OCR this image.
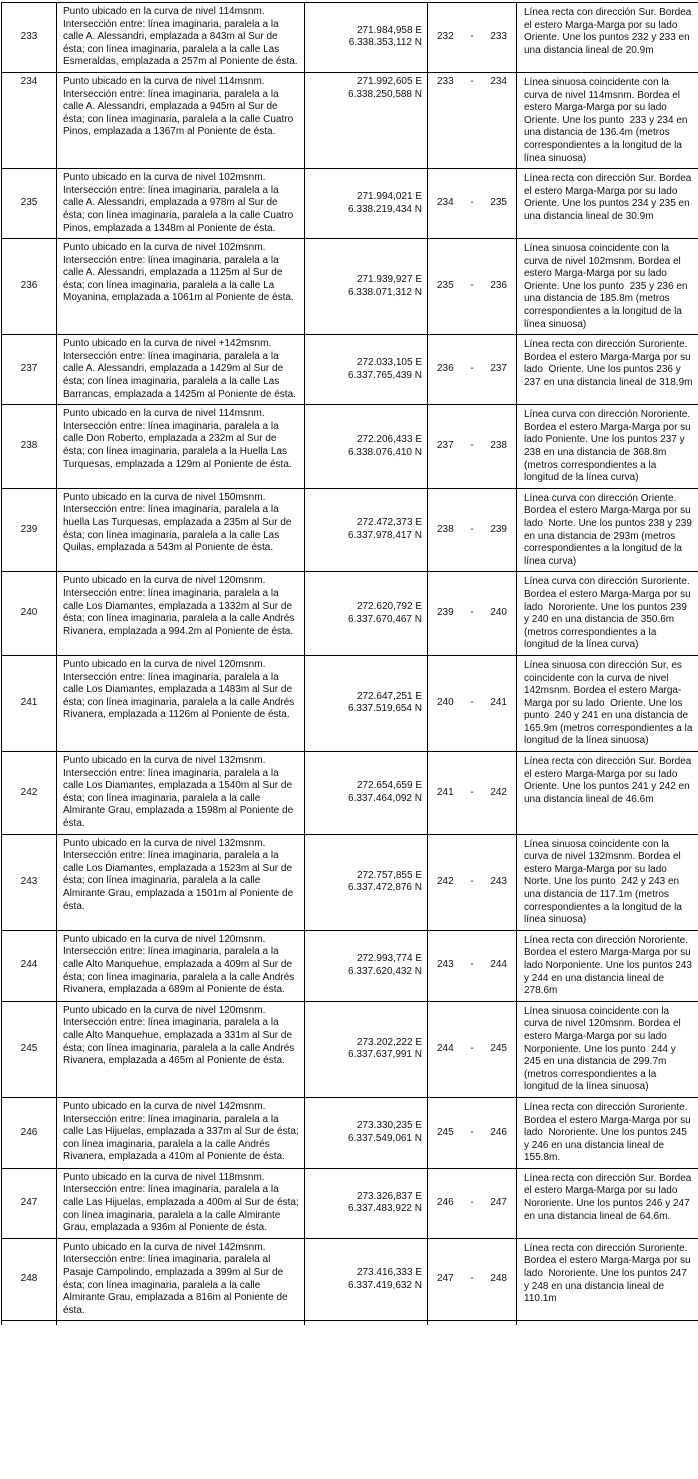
233
Punto ubicado en la curva de nivel 114msnm. Intersección entre: línea imaginaria, paralela a la calle A. Alessandri, emplazada a 843m al Sur de ésta; con línea imaginaria, paralela a la calle Las Esmeraldas, emplazada a 257m al Poniente de ésta.
271.984,958 E
6.338.353,112 N
232 - 233
Línea recta con dirección Sur. Bordea el estero Marga-Marga por su lado Oriente. Une los puntos 232 y 233 en una distancia lineal de 20.9m
234	Punto ubicado en la curva de nivel 114msnm. Intersección entre: línea imaginaria, paralela a la calle A. Alessandri, emplazada a 945m al Sur de ésta; con línea imaginaria, paralela a la calle Cuatro Pinos, emplazada a 1367m al Poniente de ésta.
271.992,605 E
6.338.250,588 N
233 - 234	Línea sinuosa coincidente con la curva de nivel 114msnm. Bordea el estero Marga-Marga por su lado Oriente. Une los punto  233 y 234 en una distancia de 136.4m (metros correspondientes a la longitud de la línea sinuosa)
235
Punto ubicado en la curva de nivel 102msnm. Intersección entre: línea imaginaria, paralela a la calle A. Alessandri, emplazada a 978m al Sur de ésta; con línea imaginaria, paralela a la calle Cuatro Pinos, emplazada a 1348m al Poniente de ésta.
271.994,021 E
6.338.219,434 N
234 - 235
Línea recta con dirección Sur. Bordea el estero Marga-Marga por su lado  Oriente. Une los puntos 234 y 235 en una distancia lineal de 30.9m
236
Punto ubicado en la curva de nivel 102msnm. Intersección entre: línea imaginaria, paralela a la calle A. Alessandri, emplazada a 1125m al Sur de ésta; con línea imaginaria, paralela a la calle La Moyanina, emplazada a 1061m al Poniente de ésta.
271.939,927 E
6.338.071,312 N
235 - 236
Línea sinuosa coincidente con la curva de nivel 102msnm. Bordea el estero Marga-Marga por su lado Oriente. Une los punto  235 y 236 en una distancia de 185.8m (metros correspondientes a la longitud de la línea sinuosa)
237
Punto ubicado en la curva de nivel +142msnm. Intersección entre: línea imaginaria, paralela a la calle A. Alessandri, emplazada a 1429m al Sur de ésta; con línea imaginaria, paralela a la calle Las Barrancas, emplazada a 1425m al Poniente de ésta.
272.033,105 E
6.337.765,439 N
236 - 237
Línea recta con dirección Suroriente. Bordea el estero Marga-Marga por su lado  Oriente. Une los puntos 236 y 237 en una distancia lineal de 318.9m
238
Punto ubicado en la curva de nivel 114msnm. Intersección entre: línea imaginaria, paralela a la calle Don Roberto, emplazada a 232m al Sur de ésta; con línea imaginaria, paralela a la Huella Las Turquesas, emplazada a 129m al Poniente de ésta.
272.206,433 E
6.338.076,410 N
237 - 238
Línea curva con dirección Nororiente. Bordea el estero Marga-Marga por su lado Poniente. Une los puntos 237 y 238 en una distancia de 368.8m (metros correspondientes a la longitud de la línea curva)
239
Punto ubicado en la curva de nivel 150msnm. Intersección entre: línea imaginaria, paralela a la huella Las Turquesas, emplazada a 235m al Sur de ésta; con línea imaginaria, paralela a la calle Las Quilas, emplazada a 543m al Poniente de ésta.
272.472,373 E
6.337.978,417 N
238 - 239
Línea curva con dirección Oriente. Bordea el estero Marga-Marga por su lado  Norte. Une los puntos 238 y 239 en una distancia de 293m (metros correspondientes a la longitud de la línea curva)
240
Punto ubicado en la curva de nivel 120msnm. Intersección entre: línea imaginaria, paralela a la calle Los Diamantes, emplazada a 1332m al Sur de ésta; con línea imaginaria, paralela a la calle Andrés Rivanera, emplazada a 994.2m al Poniente de ésta.
272.620,792 E
6.337.670,467 N
239 - 240
Línea curva con dirección Suroriente. Bordea el estero Marga-Marga por su lado  Nororiente. Une los puntos 239 y 240 en una distancia de 350.6m (metros correspondientes a la longitud de la línea curva)
241
Punto ubicado en la curva de nivel 120msnm. Intersección entre: línea imaginaria, paralela a la calle Los Diamantes, emplazada a 1483m al Sur de ésta; con línea imaginaria, paralela a la calle Andrés Rivanera, emplazada a 1126m al Poniente de ésta.
272.647,251 E
6.337.519,654 N
240 - 241
Línea sinuosa con dirección Sur, es coincidente con la curva de nivel 142msnm. Bordea el estero Marga-Marga por su lado  Oriente. Une los punto  240 y 241 en una distancia de 165.9m (metros correspondientes a la longitud de la línea sinuosa)
242
Punto ubicado en la curva de nivel 132msnm. Intersección entre: línea imaginaria, paralela a la calle Los Diamantes, emplazada a 1540m al Sur de ésta; con línea imaginaria, paralela a la calle Almirante Grau, emplazada a 1598m al Poniente de ésta.
272.654,659 E
6.337.464,092 N
241 - 242
Línea recta con dirección Sur. Bordea el estero Marga-Marga por su lado  Oriente. Une los puntos 241 y 242 en una distancia lineal de 46.6m
243
Punto ubicado en la curva de nivel 132msnm. Intersección entre: línea imaginaria, paralela a la calle Los Diamantes, emplazada a 1523m al Sur de ésta; con línea imaginaria, paralela a la calle Almirante Grau, emplazada a 1501m al Poniente de ésta.
272.757,855 E
6.337.472,876 N
242 - 243
Línea sinuosa coincidente con la curva de nivel 132msnm. Bordea el estero Marga-Marga por su lado Norte. Une los punto  242 y 243 en una distancia de 117.1m (metros correspondientes a la longitud de la línea sinuosa)
244
Punto ubicado en la curva de nivel 120msnm. Intersección entre: línea imaginaria, paralela a la calle Alto Manquehue, emplazada a 409m al Sur de ésta; con línea imaginaria, paralela a la calle Andrés Rivanera, emplazada a 689m al Poniente de ésta.
272.993,774 E
6.337.620,432 N
243 - 244
Línea recta con dirección Nororiente. Bordea el estero Marga-Marga por su lado Norponiente. Une los puntos 243 y 244 en una distancia lineal de 278.6m
245
Punto ubicado en la curva de nivel 120msnm. Intersección entre: línea imaginaria, paralela a la calle Alto Manquehue, emplazada a 331m al Sur de ésta; con línea imaginaria, paralela a la calle Andrés Rivanera, emplazada a 465m al Poniente de ésta.
273.202,222 E
6.337.637,991 N
244 - 245
Línea sinuosa coincidente con la curva de nivel 120msnm. Bordea el estero Marga-Marga por su lado Norponiente. Une los punto  244 y 245 en una distancia de 299.7m (metros correspondientes a la longitud de la línea sinuosa)
246
Punto ubicado en la curva de nivel 142msnm. Intersección entre: línea imaginaria, paralela a la calle Las Hijuelas, emplazada a 337m al Sur de ésta; con línea imaginaria, paralela a la calle Andrés Rivanera, emplazada a 410m al Poniente de ésta.
273.330,235 E
6.337.549,061 N
245 - 246
Línea recta con dirección Suroriente. Bordea el estero Marga-Marga por su lado  Nororiente. Une los puntos 245 y 246 en una distancia lineal de 155.8m.
247
Punto ubicado en la curva de nivel 118msnm. Intersección entre: línea imaginaria, paralela a la calle Las Hijuelas, emplazada a 400m al Sur de ésta; con línea imaginaria, paralela a la calle Almirante Grau, emplazada a 936m al Poniente de ésta.
273.326,837 E
6.337.483,922 N
246 - 247
Línea recta con dirección Sur. Bordea el estero Marga-Marga por su lado  Nororiente. Une los puntos 246 y 247 en una distancia lineal de 64.6m.
248
Punto ubicado en la curva de nivel 142msnm. Intersección entre: línea imaginaria, paralela al Pasaje Campolindo, emplazada a 399m al Sur de ésta; con línea imaginaria, paralela a la calle Almirante Grau, emplazada a 816m al Poniente de ésta.
273.416,333 E
6.337.419,632 N
247 - 248
Línea recta con dirección Suroriente. Bordea el estero Marga-Marga por su lado  Nororiente. Une los puntos 247 y 248 en una distancia lineal de 110.1m
